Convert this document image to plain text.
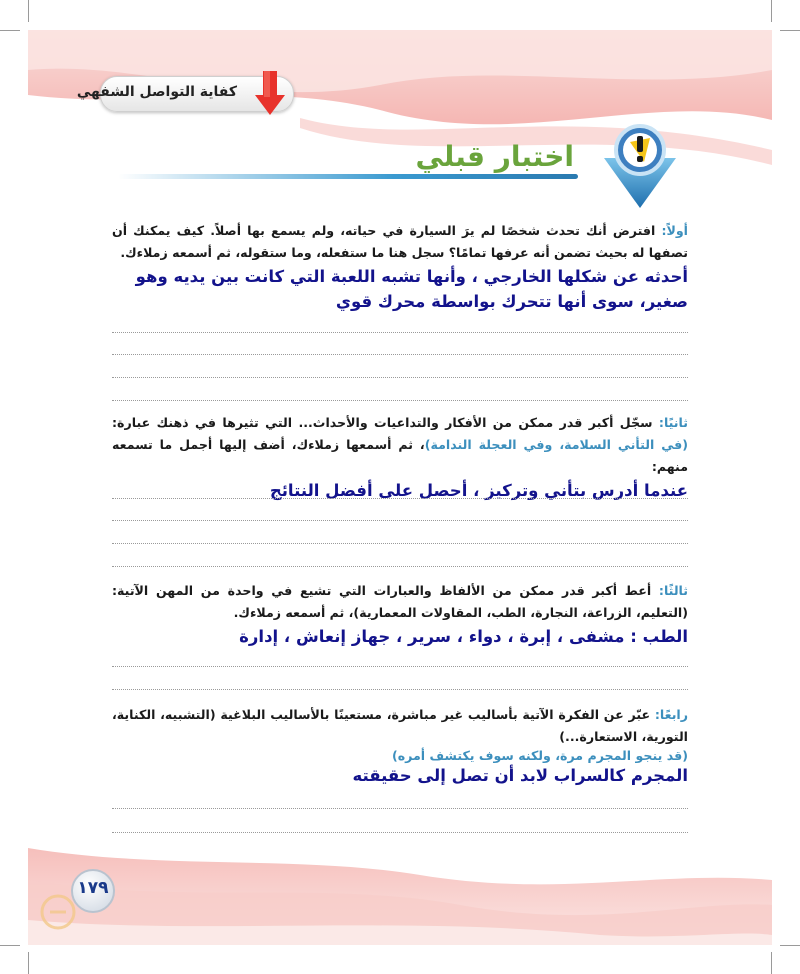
كفاية التواصل الشفهي
اختبار قبلي
أولاً: افترض أنك تحدث شخصًا لم يرَ السيارة في حياته، ولم يسمع بها أصلاً. كيف يمكنك أن تصفها له بحيث تضمن أنه عرفها تمامًا؟ سجل هنا ما ستفعله، وما ستقوله، ثم أسمعه زملاءك.
أحدثه عن شكلها الخارجي ، وأنها تشبه اللعبة التي كانت بين يديه وهو صغير، سوى أنها تتحرك بواسطة محرك قوي
ثانيًا: سجّل أكبر قدر ممكن من الأفكار والتداعيات والأحداث... التي تثيرها في ذهنك عبارة: (في التأني السلامة، وفي العجلة الندامة)، ثم أسمعها زملاءك، أضف إليها أجمل ما تسمعه منهم:
عندما أدرس بتأني وتركيز ، أحصل على أفضل النتائج
ثالثًا: أعط أكبر قدر ممكن من الألفاظ والعبارات التي تشيع في واحدة من المهن الآتية: (التعليم، الزراعة، النجارة، الطب، المقاولات المعمارية)، ثم أسمعه زملاءك.
الطب : مشفى ، إبرة ، دواء ، سرير ، جهاز إنعاش ، إدارة
رابعًا: عبّر عن الفكرة الآتية بأساليب غير مباشرة، مستعينًا بالأساليب البلاغية (التشبيه، الكناية، التورية، الاستعارة...)
(قد ينجو المجرم مرة، ولكنه سوف يكتشف أمره)
المجرم كالسراب لابد أن تصل إلى حقيقته
١٧٩
